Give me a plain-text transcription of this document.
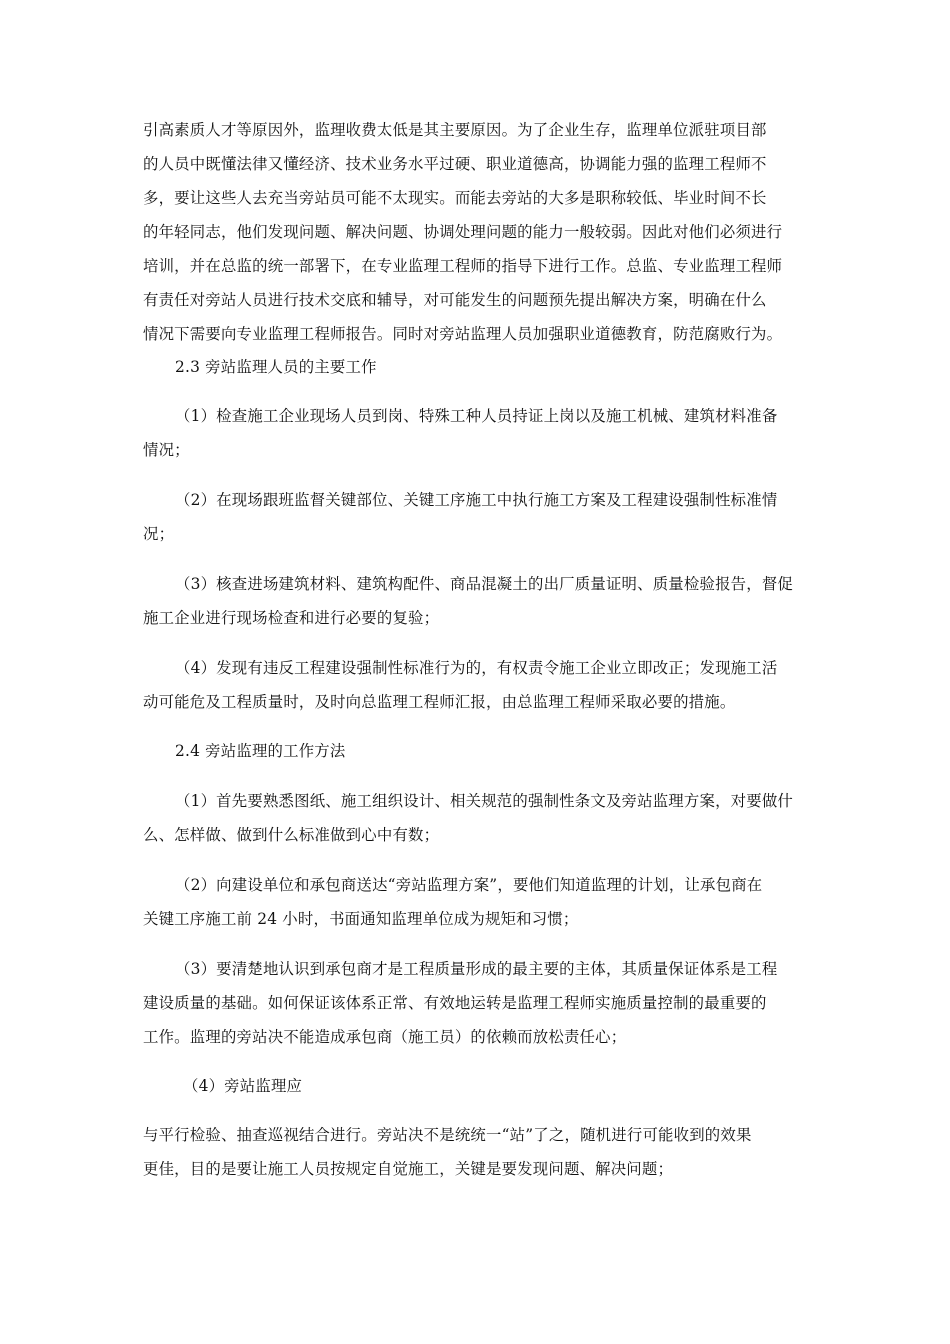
引高素质人才等原因外，监理收费太低是其主要原因。为了企业生存，监理单位派驻项目部
的人员中既懂法律又懂经济、技术业务水平过硬、职业道德高，协调能力强的监理工程师不
多，要让这些人去充当旁站员可能不太现实。而能去旁站的大多是职称较低、毕业时间不长
的年轻同志，他们发现问题、解决问题、协调处理问题的能力一般较弱。因此对他们必须进行
培训，并在总监的统一部署下，在专业监理工程师的指导下进行工作。总监、专业监理工程师
有责任对旁站人员进行技术交底和辅导，对可能发生的问题预先提出解决方案，明确在什么
情况下需要向专业监理工程师报告。同时对旁站监理人员加强职业道德教育，防范腐败行为。
2.3 旁站监理人员的主要工作
（1）检查施工企业现场人员到岗、特殊工种人员持证上岗以及施工机械、建筑材料准备
情况；
（2）在现场跟班监督关键部位、关键工序施工中执行施工方案及工程建设强制性标准情
况；
（3）核查进场建筑材料、建筑构配件、商品混凝土的出厂质量证明、质量检验报告，督促
施工企业进行现场检查和进行必要的复验；
（4）发现有违反工程建设强制性标准行为的，有权责令施工企业立即改正；发现施工活
动可能危及工程质量时，及时向总监理工程师汇报，由总监理工程师采取必要的措施。
2.4 旁站监理的工作方法
（1）首先要熟悉图纸、施工组织设计、相关规范的强制性条文及旁站监理方案，对要做什
么、怎样做、做到什么标准做到心中有数；
（2）向建设单位和承包商送达“旁站监理方案”，要他们知道监理的计划，让承包商在
关键工序施工前 24 小时，书面通知监理单位成为规矩和习惯；
（3）要清楚地认识到承包商才是工程质量形成的最主要的主体，其质量保证体系是工程
建设质量的基础。如何保证该体系正常、有效地运转是监理工程师实施质量控制的最重要的
工作。监理的旁站决不能造成承包商（施工员）的依赖而放松责任心；
（4）旁站监理应
与平行检验、抽查巡视结合进行。旁站决不是统统一“站”了之，随机进行可能收到的效果
更佳，目的是要让施工人员按规定自觉施工，关键是要发现问题、解决问题；
